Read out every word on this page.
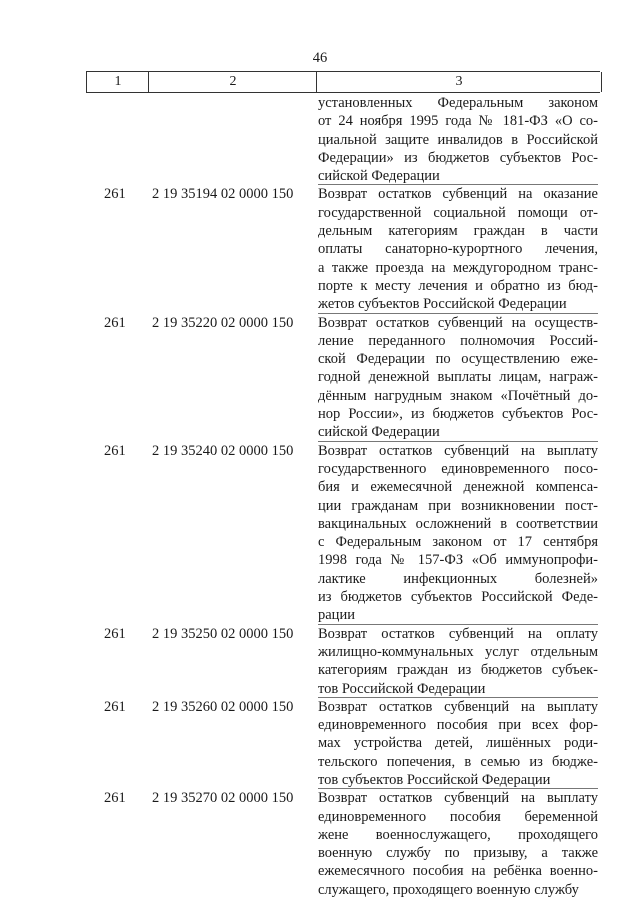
46
1	2	3
установленных Федеральным законом
от 24 ноября 1995 года № 181-ФЗ «О со-
циальной защите инвалидов в Российской
Федерации» из бюджетов субъектов Рос-
сийской Федерации
261 2 19 35194 02 0000 150 Возврат остатков субвенций на оказание
государственной социальной помощи от-
дельным категориям граждан в части
оплаты санаторно-курортного лечения,
а также проезда на междугородном транс-
порте к месту лечения и обратно из бюд-
жетов субъектов Российской Федерации
261 2 19 35220 02 0000 150 Возврат остатков субвенций на осуществ-
ление переданного полномочия Россий-
ской Федерации по осуществлению еже-
годной денежной выплаты лицам, награж-
дённым нагрудным знаком «Почётный до-
нор России», из бюджетов субъектов Рос-
сийской Федерации
261 2 19 35240 02 0000 150 Возврат остатков субвенций на выплату
государственного единовременного посо-
бия и ежемесячной денежной компенса-
ции гражданам при возникновении пост-
вакцинальных осложнений в соответствии
с Федеральным законом от 17 сентября
1998 года № 157-ФЗ «Об иммунопрофи-
лактике инфекционных болезней»
из бюджетов субъектов Российской Феде-
рации
261 2 19 35250 02 0000 150 Возврат остатков субвенций на оплату
жилищно-коммунальных услуг отдельным
категориям граждан из бюджетов субъек-
тов Российской Федерации
261 2 19 35260 02 0000 150 Возврат остатков субвенций на выплату
единовременного пособия при всех фор-
мах устройства детей, лишённых роди-
тельского попечения, в семью из бюдже-
тов субъектов Российской Федерации
261 2 19 35270 02 0000 150 Возврат остатков субвенций на выплату
единовременного пособия беременной
жене военнослужащего, проходящего
военную службу по призыву, а также
ежемесячного пособия на ребёнка военно-
служащего, проходящего военную службу
